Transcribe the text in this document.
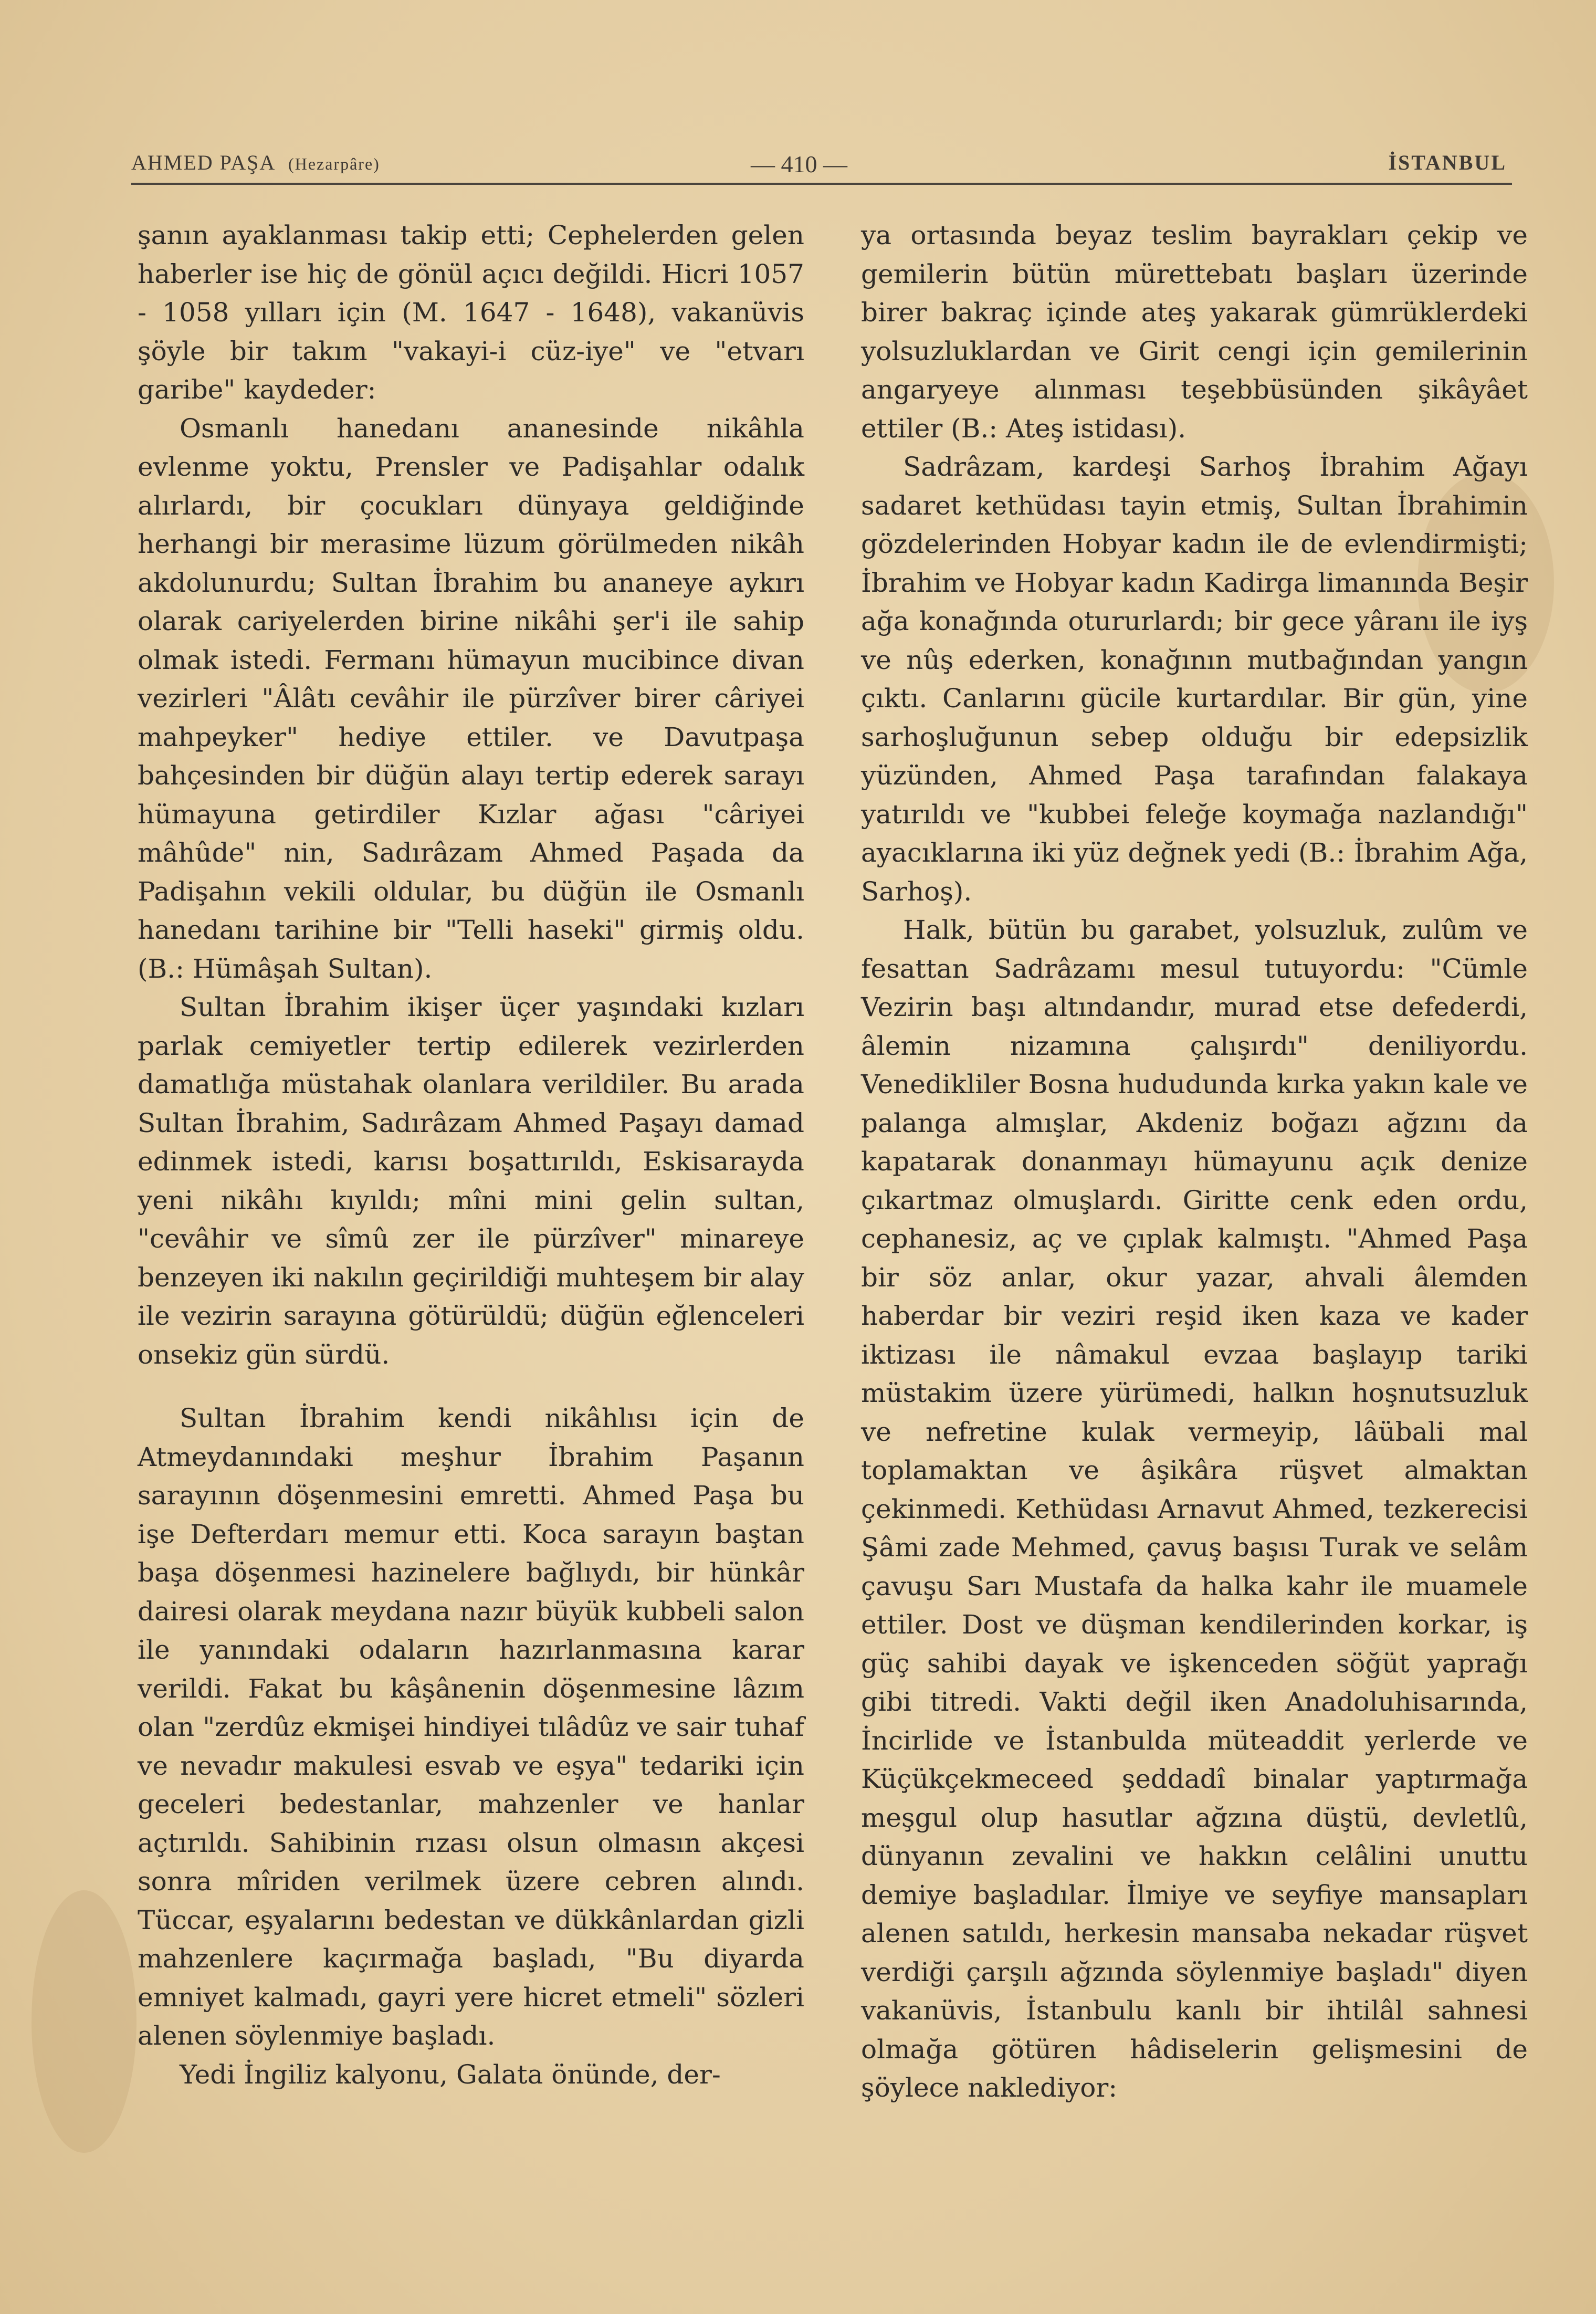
AHMED PAŞA (Hezarpâre)	— 410 —	İSTANBUL

şanın ayaklanması takip etti; Cephelerden gelen haberler ise hiç de gönül açıcı değildi. Hicri 1057 - 1058 yılları için (M. 1647 - 1648), vakanüvis şöyle bir takım "vakayi-i cüz-iye" ve "etvarı garibe" kaydeder:

Osmanlı hanedanı ananesinde nikâhla evlenme yoktu, Prensler ve Padişahlar odalık alırlardı, bir çocukları dünyaya geldiğinde herhangi bir merasime lüzum görülmeden nikâh akdolunurdu; Sultan İbrahim bu ananeye aykırı olarak cariyelerden birine nikâhi şer'i ile sahip olmak istedi. Fermanı hümayun mucibince divan vezirleri "Âlâtı cevâhir ile pürzîver birer câriyei mahpeyker" hediye ettiler. ve Davutpaşa bahçesinden bir düğün alayı tertip ederek sarayı hümayuna getirdiler Kızlar ağası "câriyei mâhûde" nin, Sadırâzam Ahmed Paşada da Padişahın vekili oldular, bu düğün ile Osmanlı hanedanı tarihine bir "Telli haseki" girmiş oldu. (B.: Hümâşah Sultan).

Sultan İbrahim ikişer üçer yaşındaki kızları parlak cemiyetler tertip edilerek vezirlerden damatlığa müstahak olanlara verildiler. Bu arada Sultan İbrahim, Sadırâzam Ahmed Paşayı damad edinmek istedi, karısı boşattırıldı, Eskisarayda yeni nikâhı kıyıldı; mîni mini gelin sultan, "cevâhir ve sîmû zer ile pürzîver" minareye benzeyen iki nakılın geçirildiği muhteşem bir alay ile vezirin sarayına götürüldü; düğün eğlenceleri onsekiz gün sürdü.

Sultan İbrahim kendi nikâhlısı için de Atmeydanındaki meşhur İbrahim Paşanın sarayının döşenmesini emretti. Ahmed Paşa bu işe Defterdarı memur etti. Koca sarayın baştan başa döşenmesi hazinelere bağlıydı, bir hünkâr dairesi olarak meydana nazır büyük kubbeli salon ile yanındaki odaların hazırlanmasına karar verildi. Fakat bu kâşânenin döşenmesine lâzım olan "zerdûz ekmişei hindiyei tılâdûz ve sair tuhaf ve nevadır makulesi esvab ve eşya" tedariki için geceleri bedestanlar, mahzenler ve hanlar açtırıldı. Sahibinin rızası olsun olmasın akçesi sonra mîriden verilmek üzere cebren alındı. Tüccar, eşyalarını bedestan ve dükkânlardan gizli mahzenlere kaçırmağa başladı, "Bu diyarda emniyet kalmadı, gayri yere hicret etmeli" sözleri alenen söylenmiye başladı.

Yedi İngiliz kalyonu, Galata önünde, der-

ya ortasında beyaz teslim bayrakları çekip ve gemilerin bütün mürettebatı başları üzerinde birer bakraç içinde ateş yakarak gümrüklerdeki yolsuzluklardan ve Girit cengi için gemilerinin angaryeye alınması teşebbüsünden şikâyâet ettiler (B.: Ateş istidası).

Sadrâzam, kardeşi Sarhoş İbrahim Ağayı sadaret kethüdası tayin etmiş, Sultan İbrahimin gözdelerinden Hobyar kadın ile de evlendirmişti; İbrahim ve Hobyar kadın Kadirga limanında Beşir ağa konağında otururlardı; bir gece yâranı ile iyş ve nûş ederken, konağının mutbağından yangın çıktı. Canlarını gücile kurtardılar. Bir gün, yine sarhoşluğunun sebep olduğu bir edepsizlik yüzünden, Ahmed Paşa tarafından falakaya yatırıldı ve "kubbei feleğe koymağa nazlandığı" ayacıklarına iki yüz değnek yedi (B.: İbrahim Ağa, Sarhoş).

Halk, bütün bu garabet, yolsuzluk, zulûm ve fesattan Sadrâzamı mesul tutuyordu: "Cümle Vezirin başı altındandır, murad etse defederdi, âlemin nizamına çalışırdı" deniliyordu. Venedikliler Bosna hududunda kırka yakın kale ve palanga almışlar, Akdeniz boğazı ağzını da kapatarak donanmayı hümayunu açık denize çıkartmaz olmuşlardı. Giritte cenk eden ordu, cephanesiz, aç ve çıplak kalmıştı. "Ahmed Paşa bir söz anlar, okur yazar, ahvali âlemden haberdar bir veziri reşid iken kaza ve kader iktizası ile nâmakul evzaa başlayıp tariki müstakim üzere yürümedi, halkın hoşnutsuzluk ve nefretine kulak vermeyip, lâübali mal toplamaktan ve âşikâra rüşvet almaktan çekinmedi. Kethüdası Arnavut Ahmed, tezkerecisi Şâmi zade Mehmed, çavuş başısı Turak ve selâm çavuşu Sarı Mustafa da halka kahr ile muamele ettiler. Dost ve düşman kendilerinden korkar, iş güç sahibi dayak ve işkenceden söğüt yaprağı gibi titredi. Vakti değil iken Anadoluhisarında, İncirlide ve İstanbulda müteaddit yerlerde ve Küçükçekmeceed şeddadî binalar yaptırmağa meşgul olup hasutlar ağzına düştü, devletlû, dünyanın zevalini ve hakkın celâlini unuttu demiye başladılar. İlmiye ve seyfiye mansapları alenen satıldı, herkesin mansaba nekadar rüşvet verdiği çarşılı ağzında söylenmiye başladı" diyen vakanüvis, İstanbulu kanlı bir ihtilâl sahnesi olmağa götüren hâdiselerin gelişmesini de şöylece naklediyor:
